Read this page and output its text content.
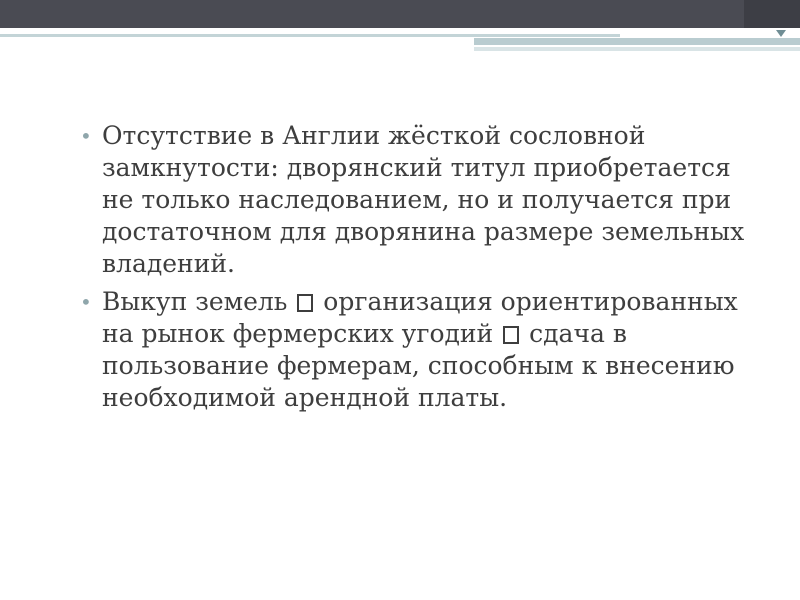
• Отсутствие в Англии жёсткой сословной замкнутости: дворянский титул приобретается не только наследованием, но и получается при достаточном для дворянина размере земельных владений.
• Выкуп земель организация ориентированных на рынок фермерских угодий сдача в пользование фермерам, способным к внесению необходимой арендной платы.
